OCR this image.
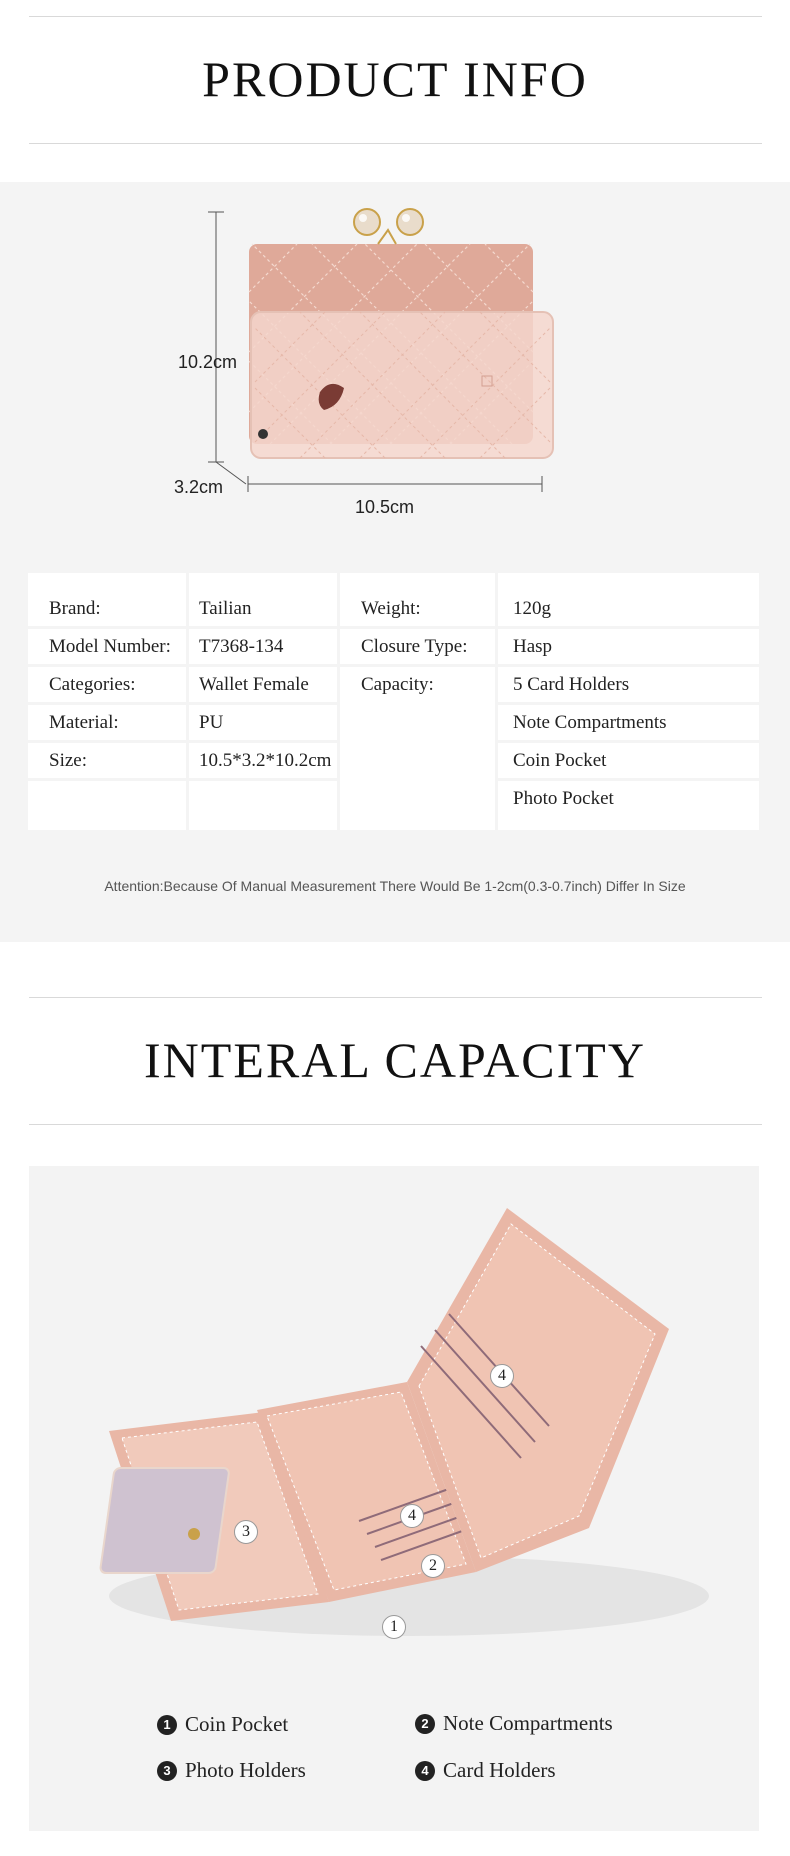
PRODUCT INFO
10.2cm
3.2cm
10.5cm
Brand:
Model Number:
Categories:
Material:
Size:
Tailian
T7368-134
Wallet Female
PU
10.5*3.2*10.2cm
Weight:
Closure Type:
Capacity:
120g
Hasp
5 Card Holders
Note Compartments
Coin Pocket
Photo Pocket
Attention:Because Of Manual Measurement There Would Be 1-2cm(0.3-0.7inch) Differ In Size
INTERAL CAPACITY
1
2
3
4
4
1 Coin Pocket	2 Note Compartments
3 Photo Holders	4 Card Holders
